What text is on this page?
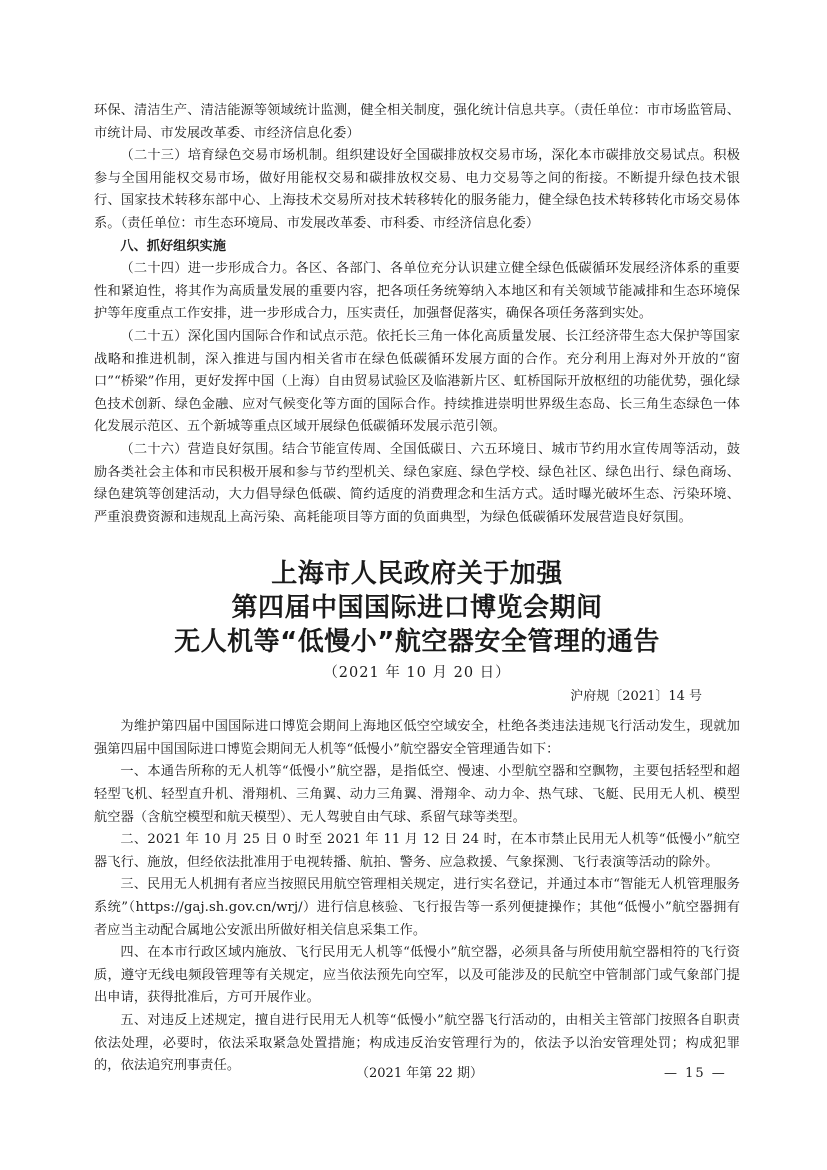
环保、清洁生产、清洁能源等领域统计监测，健全相关制度，强化统计信息共享。（责任单位：市市场监管局、市统计局、市发展改革委、市经济信息化委）

（二十三）培育绿色交易市场机制。组织建设好全国碳排放权交易市场，深化本市碳排放交易试点。积极参与全国用能权交易市场，做好用能权交易和碳排放权交易、电力交易等之间的衔接。不断提升绿色技术银行、国家技术转移东部中心、上海技术交易所对技术转移转化的服务能力，健全绿色技术转移转化市场交易体系。（责任单位：市生态环境局、市发展改革委、市科委、市经济信息化委）

八、抓好组织实施

（二十四）进一步形成合力。各区、各部门、各单位充分认识建立健全绿色低碳循环发展经济体系的重要性和紧迫性，将其作为高质量发展的重要内容，把各项任务统筹纳入本地区和有关领域节能减排和生态环境保护等年度重点工作安排，进一步形成合力，压实责任，加强督促落实，确保各项任务落到实处。

（二十五）深化国内国际合作和试点示范。依托长三角一体化高质量发展、长江经济带生态大保护等国家战略和推进机制，深入推进与国内相关省市在绿色低碳循环发展方面的合作。充分利用上海对外开放的“窗口”“桥梁”作用，更好发挥中国（上海）自由贸易试验区及临港新片区、虹桥国际开放枢纽的功能优势，强化绿色技术创新、绿色金融、应对气候变化等方面的国际合作。持续推进崇明世界级生态岛、长三角生态绿色一体化发展示范区、五个新城等重点区域开展绿色低碳循环发展示范引领。

（二十六）营造良好氛围。结合节能宣传周、全国低碳日、六五环境日、城市节约用水宣传周等活动，鼓励各类社会主体和市民积极开展和参与节约型机关、绿色家庭、绿色学校、绿色社区、绿色出行、绿色商场、绿色建筑等创建活动，大力倡导绿色低碳、简约适度的消费理念和生活方式。适时曝光破坏生态、污染环境、严重浪费资源和违规乱上高污染、高耗能项目等方面的负面典型，为绿色低碳循环发展营造良好氛围。

上海市人民政府关于加强

第四届中国国际进口博览会期间

无人机等“低慢小”航空器安全管理的通告

（2021 年 10 月 20 日）

沪府规〔2021〕14 号

为维护第四届中国国际进口博览会期间上海地区低空空域安全，杜绝各类违法违规飞行活动发生，现就加强第四届中国国际进口博览会期间无人机等“低慢小”航空器安全管理通告如下：

一、本通告所称的无人机等“低慢小”航空器，是指低空、慢速、小型航空器和空飘物，主要包括轻型和超轻型飞机、轻型直升机、滑翔机、三角翼、动力三角翼、滑翔伞、动力伞、热气球、飞艇、民用无人机、模型航空器（含航空模型和航天模型）、无人驾驶自由气球、系留气球等类型。

二、2021 年 10 月 25 日 0 时至 2021 年 11 月 12 日 24 时，在本市禁止民用无人机等“低慢小”航空器飞行、施放，但经依法批准用于电视转播、航拍、警务、应急救援、气象探测、飞行表演等活动的除外。

三、民用无人机拥有者应当按照民用航空管理相关规定，进行实名登记，并通过本市“智能无人机管理服务系统”（https://gaj.sh.gov.cn/wrj/）进行信息核验、飞行报告等一系列便捷操作；其他“低慢小”航空器拥有者应当主动配合属地公安派出所做好相关信息采集工作。

四、在本市行政区域内施放、飞行民用无人机等“低慢小”航空器，必须具备与所使用航空器相符的飞行资质，遵守无线电频段管理等有关规定，应当依法预先向空军，以及可能涉及的民航空中管制部门或气象部门提出申请，获得批准后，方可开展作业。

五、对违反上述规定，擅自进行民用无人机等“低慢小”航空器飞行活动的，由相关主管部门按照各自职责依法处理，必要时，依法采取紧急处置措施；构成违反治安管理行为的，依法予以治安管理处罚；构成犯罪的，依法追究刑事责任。

（2021 年第 22 期）	— 15 —
